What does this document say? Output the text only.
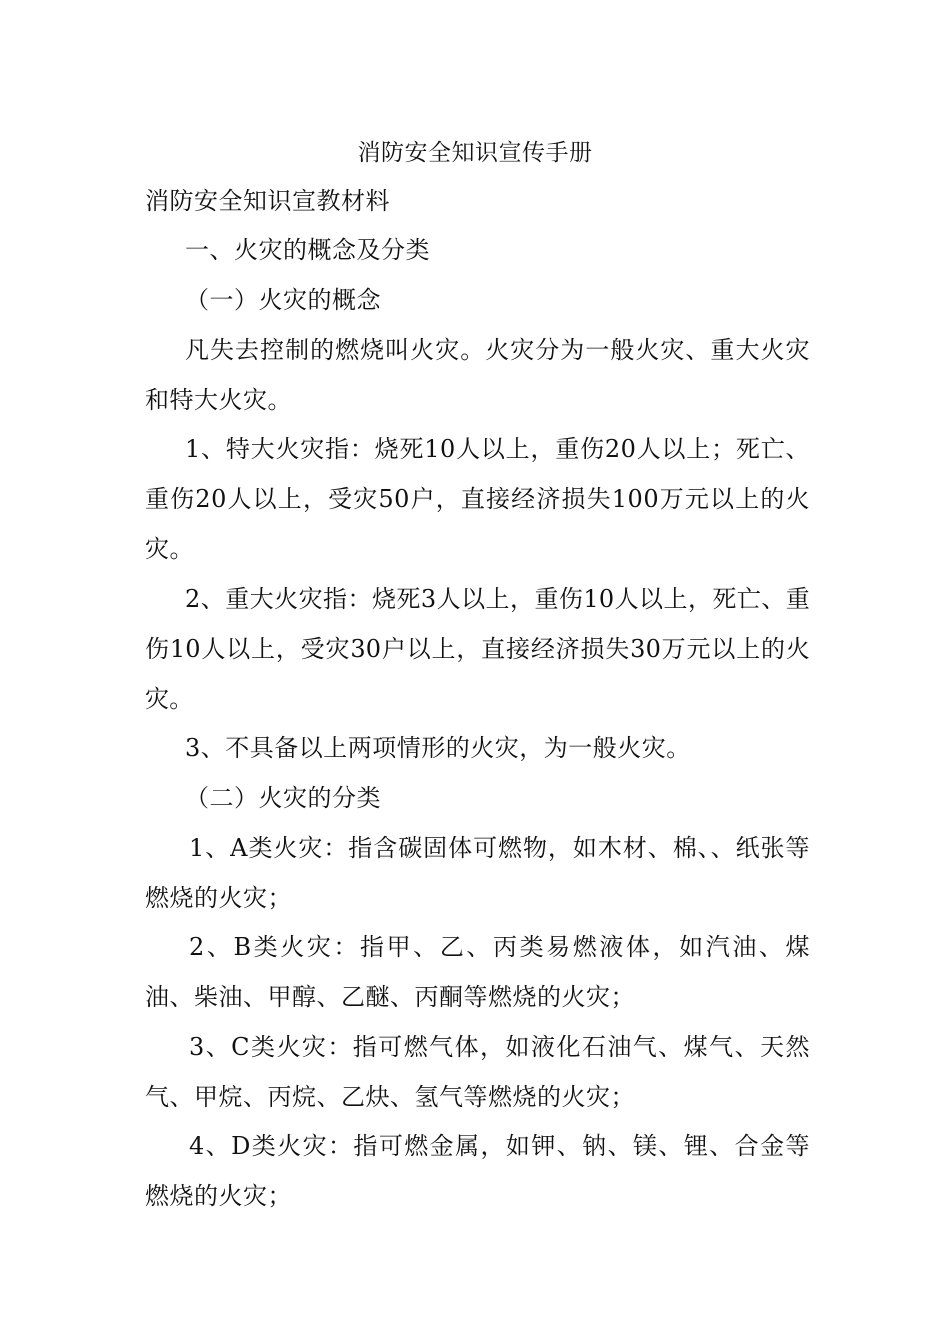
消防安全知识宣传手册
消防安全知识宣教材料
一、火灾的概念及分类
（一）火灾的概念
凡失去控制的燃烧叫火灾。火灾分为一般火灾、重大火灾和特大火灾。
1、特大火灾指：烧死10人以上，重伤20人以上；死亡、重伤20人以上，受灾50户，直接经济损失100万元以上的火灾。
2、重大火灾指：烧死3人以上，重伤10人以上，死亡、重伤10人以上，受灾30户以上，直接经济损失30万元以上的火灾。
3、不具备以上两项情形的火灾，为一般火灾。
（二）火灾的分类
1、A类火灾：指含碳固体可燃物，如木材、棉、、纸张等燃烧的火灾；
2、B类火灾：指甲、乙、丙类易燃液体，如汽油、煤油、柴油、甲醇、乙醚、丙酮等燃烧的火灾；
3、C类火灾：指可燃气体，如液化石油气、煤气、天然气、甲烷、丙烷、乙炔、氢气等燃烧的火灾；
4、D类火灾：指可燃金属，如钾、钠、镁、锂、合金等燃烧的火灾；
